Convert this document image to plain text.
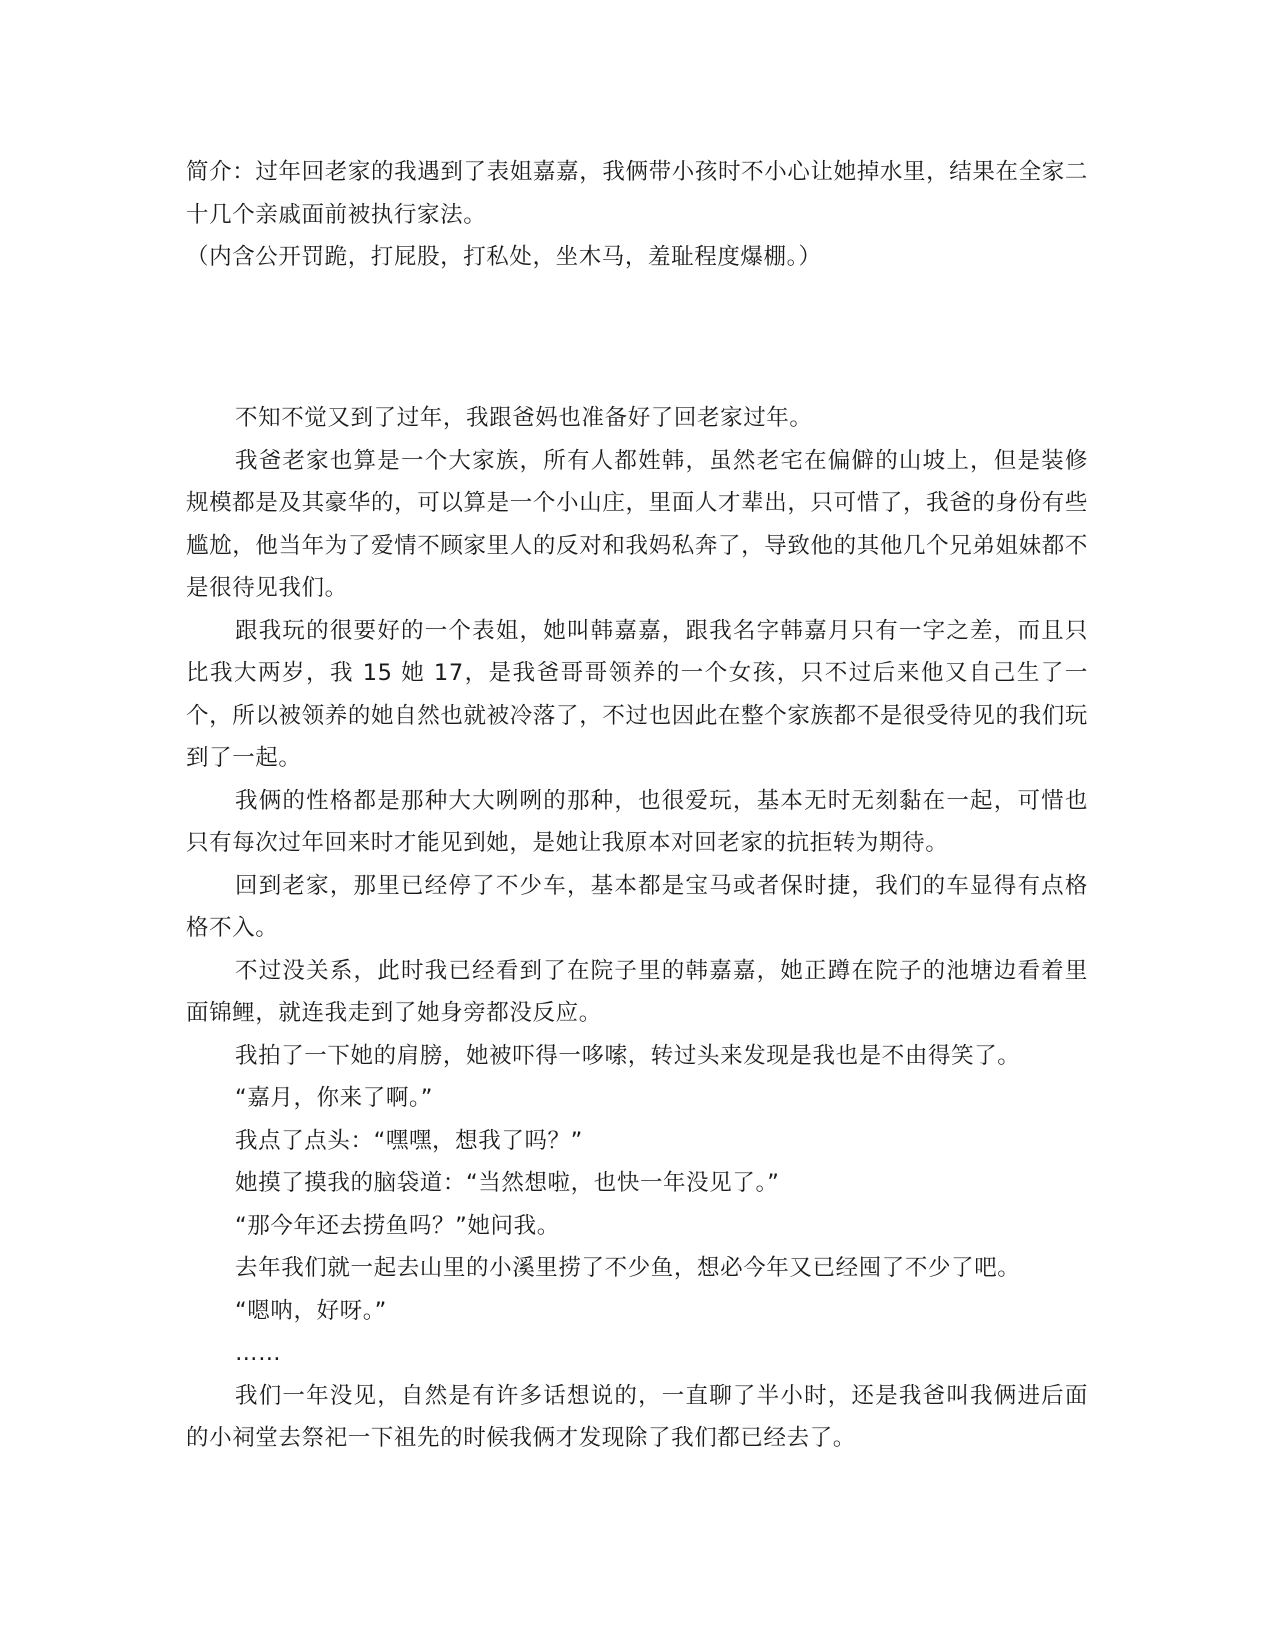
简介：过年回老家的我遇到了表姐嘉嘉，我俩带小孩时不小心让她掉水里，结果在全家二十几个亲戚面前被执行家法。

（内含公开罚跪，打屁股，打私处，坐木马，羞耻程度爆棚。）

不知不觉又到了过年，我跟爸妈也准备好了回老家过年。

我爸老家也算是一个大家族，所有人都姓韩，虽然老宅在偏僻的山坡上，但是装修规模都是及其豪华的，可以算是一个小山庄，里面人才辈出，只可惜了，我爸的身份有些尴尬，他当年为了爱情不顾家里人的反对和我妈私奔了，导致他的其他几个兄弟姐妹都不是很待见我们。

跟我玩的很要好的一个表姐，她叫韩嘉嘉，跟我名字韩嘉月只有一字之差，而且只比我大两岁，我 15 她 17，是我爸哥哥领养的一个女孩，只不过后来他又自己生了一个，所以被领养的她自然也就被冷落了，不过也因此在整个家族都不是很受待见的我们玩到了一起。

我俩的性格都是那种大大咧咧的那种，也很爱玩，基本无时无刻黏在一起，可惜也只有每次过年回来时才能见到她，是她让我原本对回老家的抗拒转为期待。

回到老家，那里已经停了不少车，基本都是宝马或者保时捷，我们的车显得有点格格不入。

不过没关系，此时我已经看到了在院子里的韩嘉嘉，她正蹲在院子的池塘边看着里面锦鲤，就连我走到了她身旁都没反应。

我拍了一下她的肩膀，她被吓得一哆嗦，转过头来发现是我也是不由得笑了。

“嘉月，你来了啊。”

我点了点头：“嘿嘿，想我了吗？”

她摸了摸我的脑袋道：“当然想啦，也快一年没见了。”

“那今年还去捞鱼吗？”她问我。

去年我们就一起去山里的小溪里捞了不少鱼，想必今年又已经囤了不少了吧。

“嗯呐，好呀。”

……

我们一年没见，自然是有许多话想说的，一直聊了半小时，还是我爸叫我俩进后面的小祠堂去祭祀一下祖先的时候我俩才发现除了我们都已经去了。
